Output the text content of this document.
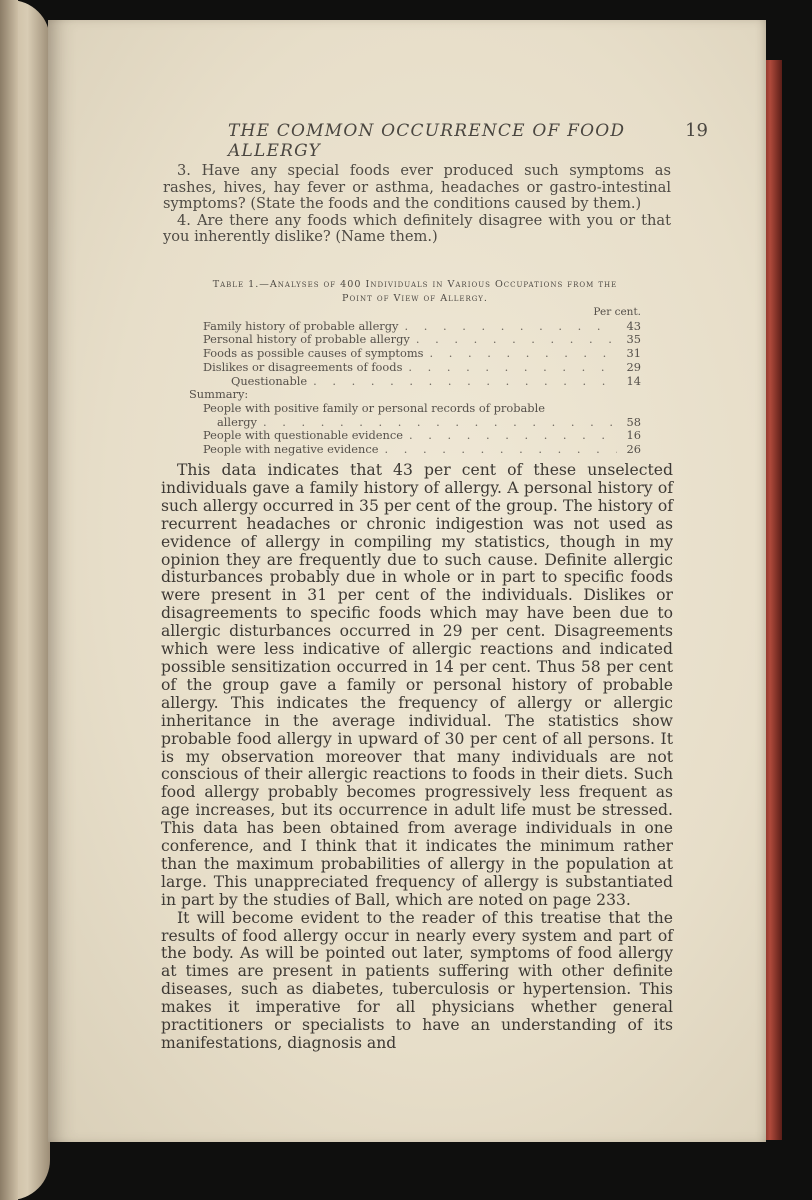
THE COMMON OCCURRENCE OF FOOD ALLERGY
19

3. Have any special foods ever produced such symptoms as rashes, hives, hay fever or asthma, headaches or gastro-intestinal symptoms? (State the foods and the conditions caused by them.)

4. Are there any foods which definitely disagree with you or that you inherently dislike? (Name them.)

Table 1.—Analyses of 400 Individuals in Various Occupations from the
Point of View of Allergy.
Per cent.
Family history of probable allergy . . .	43
Personal history of probable allergy . . .	35
Foods as possible causes of symptoms . . .	31
Dislikes or disagreements of foods . . .	29
Questionable . . .	14
Summary:
People with positive family or personal records of probable
allergy . . .	58
People with questionable evidence . . .	16
People with negative evidence . . .	26

This data indicates that 43 per cent of these unselected individuals gave a family history of allergy. A personal history of such allergy occurred in 35 per cent of the group. The history of recurrent headaches or chronic indigestion was not used as evidence of allergy in compiling my statistics, though in my opinion they are frequently due to such cause. Definite allergic disturbances probably due in whole or in part to specific foods were present in 31 per cent of the individuals. Dislikes or disagreements to specific foods which may have been due to allergic disturbances occurred in 29 per cent. Disagreements which were less indicative of allergic reactions and indicated possible sensitization occurred in 14 per cent. Thus 58 per cent of the group gave a family or personal history of probable allergy. This indicates the frequency of allergy or allergic inheritance in the average individual. The statistics show probable food allergy in upward of 30 per cent of all persons. It is my observation moreover that many individuals are not conscious of their allergic reactions to foods in their diets. Such food allergy probably becomes progressively less frequent as age increases, but its occurrence in adult life must be stressed. This data has been obtained from average individuals in one conference, and I think that it indicates the minimum rather than the maximum probabilities of allergy in the population at large. This unappreciated frequency of allergy is substantiated in part by the studies of Ball, which are noted on page 233.

It will become evident to the reader of this treatise that the results of food allergy occur in nearly every system and part of the body. As will be pointed out later, symptoms of food allergy at times are present in patients suffering with other definite diseases, such as diabetes, tuberculosis or hypertension. This makes it imperative for all physicians whether general practitioners or specialists to have an understanding of its manifestations, diagnosis and
